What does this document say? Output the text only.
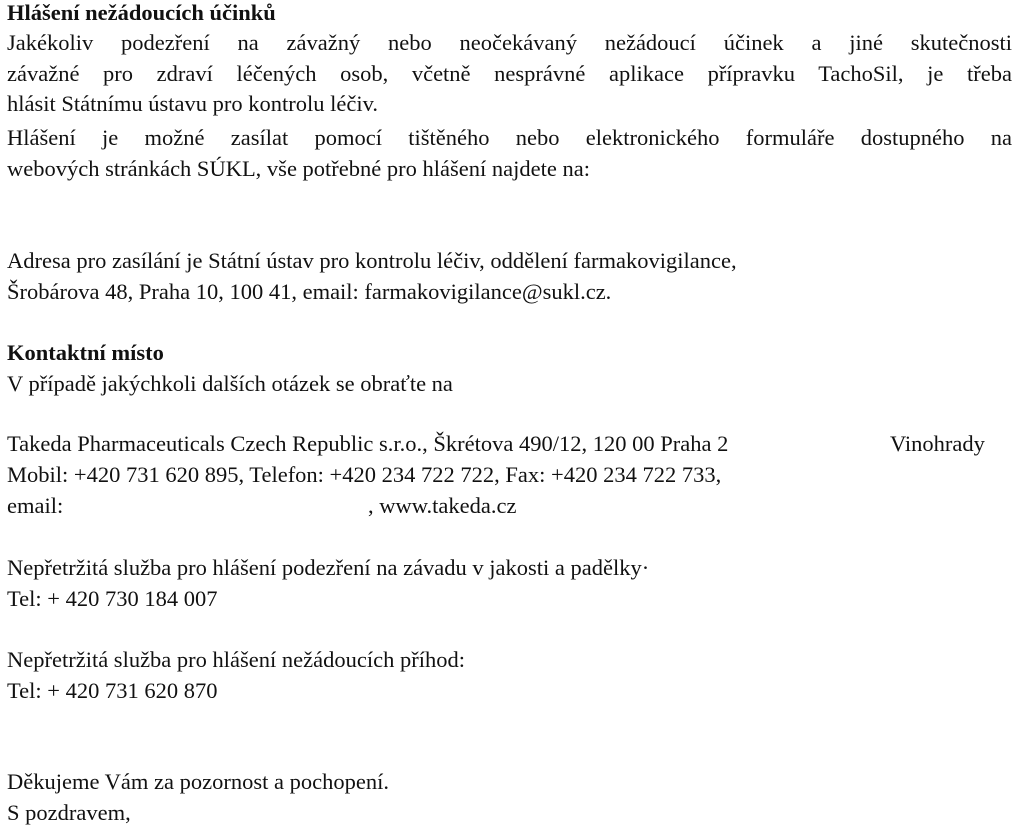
Hlášení nežádoucích účinků
Jakékoliv podezření na závažný nebo neočekávaný nežádoucí účinek a jiné skutečnosti
závažné pro zdraví léčených osob, včetně nesprávné aplikace přípravku TachoSil, je třeba
hlásit Státnímu ústavu pro kontrolu léčiv.
Hlášení je možné zasílat pomocí tištěného nebo elektronického formuláře dostupného na
webových stránkách SÚKL, vše potřebné pro hlášení najdete na:
Adresa pro zasílání je Státní ústav pro kontrolu léčiv, oddělení farmakovigilance,
Šrobárova 48, Praha 10, 100 41, email: farmakovigilance@sukl.cz.
Kontaktní místo
V případě jakýchkoli dalších otázek se obraťte na
Takeda Pharmaceuticals Czech Republic s.r.o., Škrétova 490/12, 120 00 Praha 2	Vinohrady
Mobil: +420 731 620 895, Telefon: +420 234 722 722, Fax: +420 234 722 733,
email:	, www.takeda.cz
Nepřetržitá služba pro hlášení podezření na závadu v jakosti a padělky·
Tel: + 420 730 184 007
Nepřetržitá služba pro hlášení nežádoucích příhod:
Tel: + 420 731 620 870
Děkujeme Vám za pozornost a pochopení.
S pozdravem,
